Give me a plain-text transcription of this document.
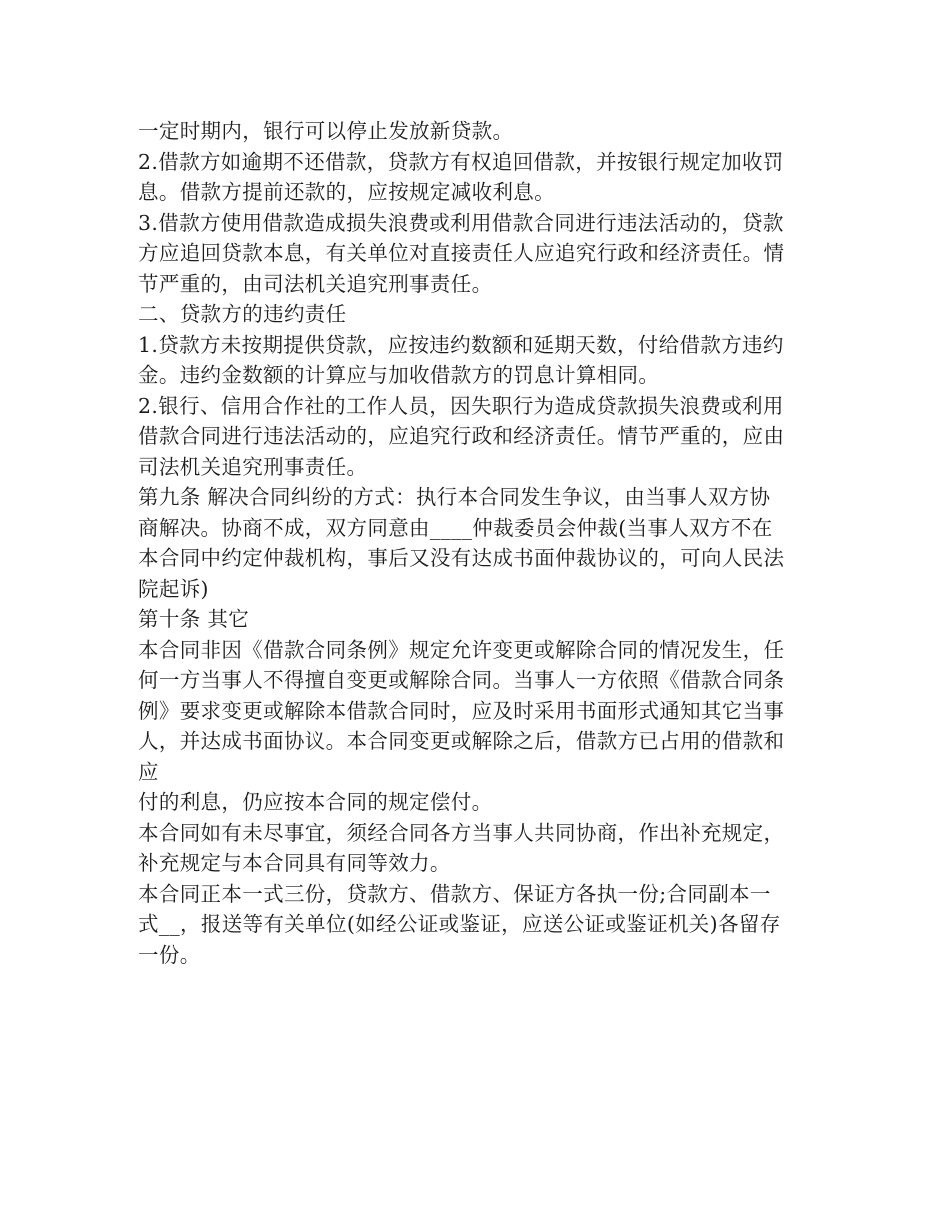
一定时期内，银行可以停止发放新贷款。

2.借款方如逾期不还借款，贷款方有权追回借款，并按银行规定加收罚

息。借款方提前还款的，应按规定减收利息。

3.借款方使用借款造成损失浪费或利用借款合同进行违法活动的，贷款

方应追回贷款本息，有关单位对直接责任人应追究行政和经济责任。情

节严重的，由司法机关追究刑事责任。

二、贷款方的违约责任

1.贷款方未按期提供贷款，应按违约数额和延期天数，付给借款方违约

金。违约金数额的计算应与加收借款方的罚息计算相同。

2.银行、信用合作社的工作人员，因失职行为造成贷款损失浪费或利用

借款合同进行违法活动的，应追究行政和经济责任。情节严重的，应由

司法机关追究刑事责任。

第九条 解决合同纠纷的方式：执行本合同发生争议，由当事人双方协

商解决。协商不成，双方同意由____仲裁委员会仲裁(当事人双方不在

本合同中约定仲裁机构，事后又没有达成书面仲裁协议的，可向人民法

院起诉)

第十条 其它

本合同非因《借款合同条例》规定允许变更或解除合同的情况发生，任

何一方当事人不得擅自变更或解除合同。当事人一方依照《借款合同条

例》要求变更或解除本借款合同时，应及时采用书面形式通知其它当事

人，并达成书面协议。本合同变更或解除之后，借款方已占用的借款和

应

付的利息，仍应按本合同的规定偿付。

本合同如有未尽事宜，须经合同各方当事人共同协商，作出补充规定，

补充规定与本合同具有同等效力。

本合同正本一式三份，贷款方、借款方、保证方各执一份;合同副本一

式__，报送等有关单位(如经公证或鉴证，应送公证或鉴证机关)各留存

一份。
